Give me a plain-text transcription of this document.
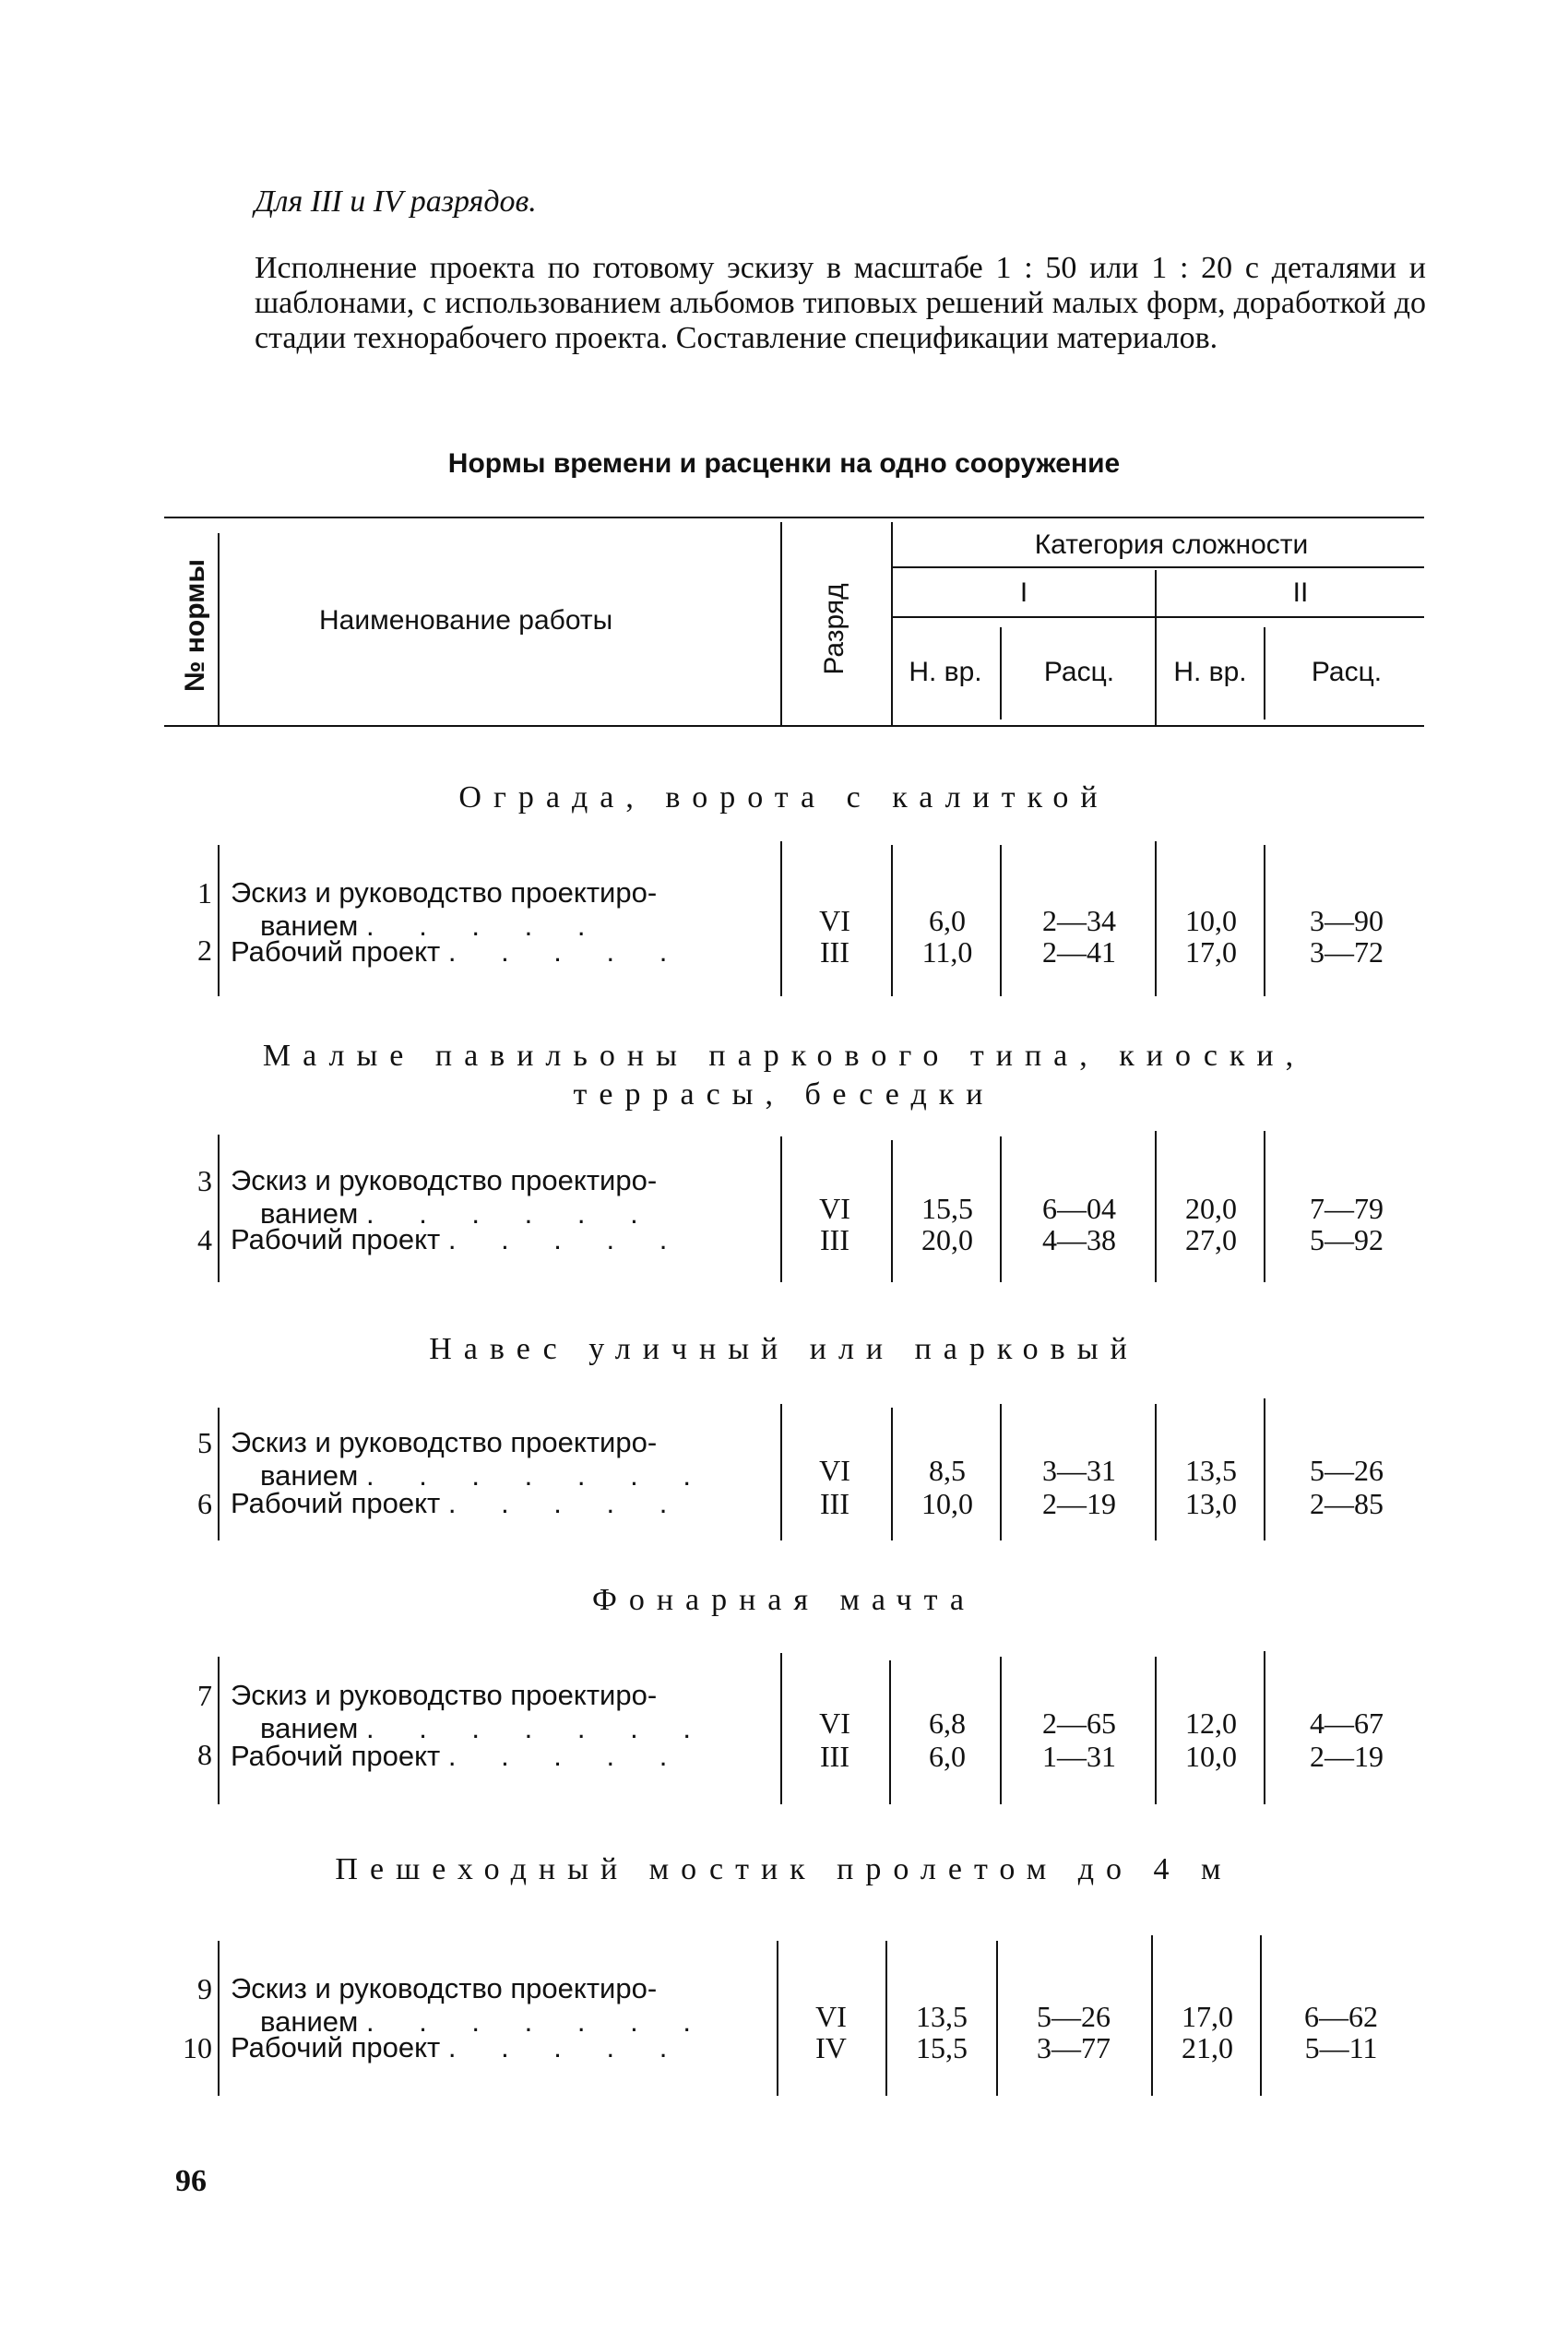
Для III и IV разрядов.
Исполнение проекта по готовому эскизу в масштабе 1 : 50 или 1 : 20 с деталями и шаблонами, с использованием альбомов типовых решений малых форм, доработкой до стадии технорабочего проекта. Составление спецификации материалов.
Нормы времени и расценки на одно сооружение
№ нормы	Наименование работы	Разряд
Категория сложности
I	II
Н. вр.	Расц.	Н. вр.	Расц.
Ограда, ворота с калиткой
1 Эскиз и руководство проектиро-
ванием . . . . .	VI	6,0	2—34	10,0	3—90
2 Рабочий проект . . . . .	III	11,0	2—41	17,0	3—72
Малые павильоны паркового типа, киоски,
террасы, беседки
3 Эскиз и руководство проектиро-
ванием . . . . . .	VI	15,5	6—04	20,0	7—79
4 Рабочий проект . . . . .	III	20,0	4—38	27,0	5—92
Навес уличный или парковый
5 Эскиз и руководство проектиро-
ванием . . . . . . .	VI	8,5	3—31	13,5	5—26
6 Рабочий проект . . . . .	III	10,0	2—19	13,0	2—85
Фонарная мачта
7 Эскиз и руководство проектиро-
ванием . . . . . . .	VI	6,8	2—65	12,0	4—67
8 Рабочий проект . . . . .	III	6,0	1—31	10,0	2—19
Пешеходный мостик пролетом до 4 м
9 Эскиз и руководство проектиро-
ванием . . . . . . .	VI	13,5	5—26	17,0	6—62
10 Рабочий проект . . . . .	IV	15,5	3—77	21,0	5—11
96
